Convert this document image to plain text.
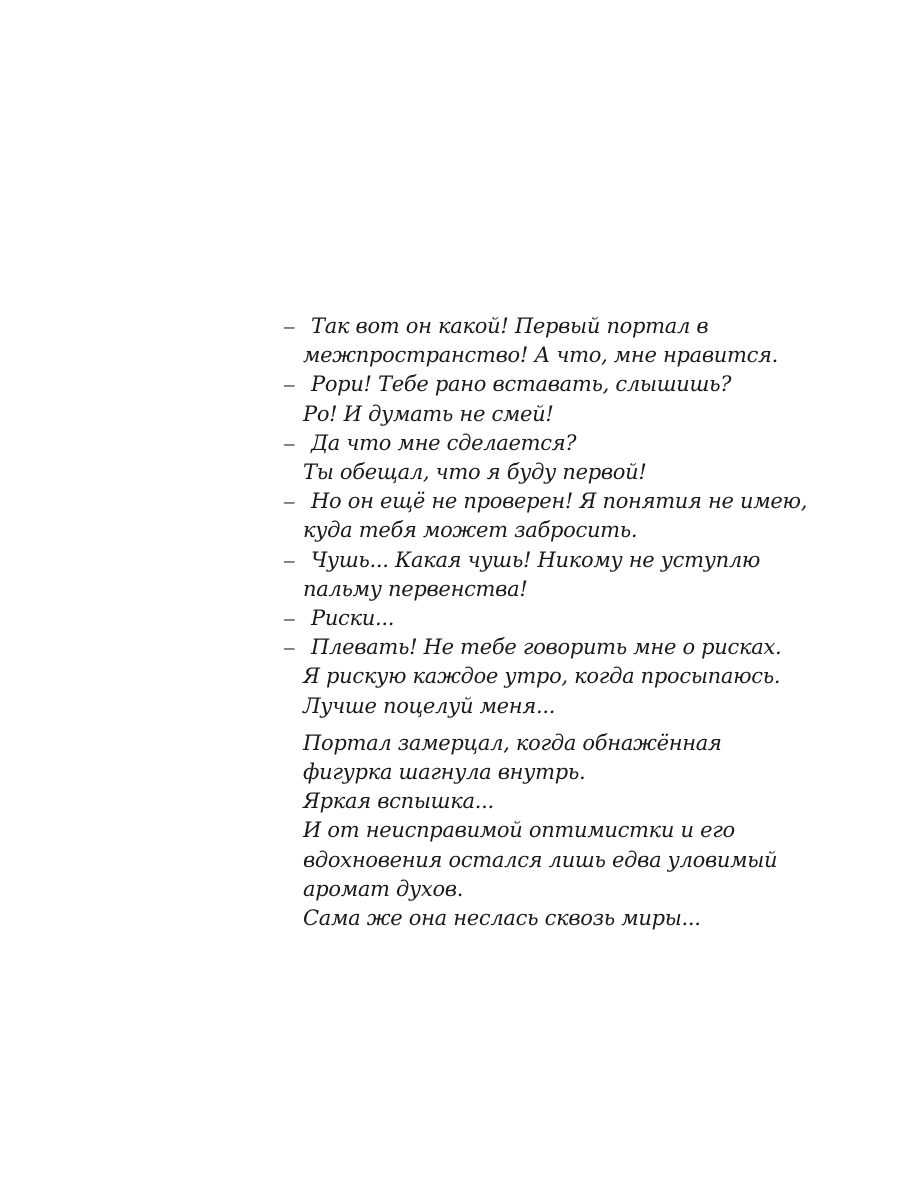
– Так вот он какой! Первый портал в
межпространство! А что, мне нравится.
– Рори! Тебе рано вставать, слышишь?
Ро! И думать не смей!
– Да что мне сделается?
Ты обещал, что я буду первой!
– Но он ещё не проверен! Я понятия не имею,
куда тебя может забросить.
– Чушь... Какая чушь! Никому не уступлю
пальму первенства!
– Риски...
– Плевать! Не тебе говорить мне о рисках.
Я рискую каждое утро, когда просыпаюсь.
Лучше поцелуй меня...
Портал замерцал, когда обнажённая
фигурка шагнула внутрь.
Яркая вспышка...
И от неисправимой оптимистки и его
вдохновения остался лишь едва уловимый
аромат духов.
Сама же она неслась сквозь миры...
